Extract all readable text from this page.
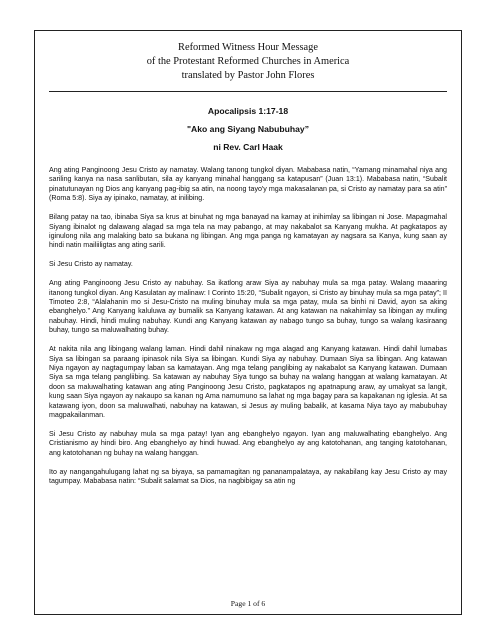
Reformed Witness Hour Message
of the Protestant Reformed Churches in America
translated by Pastor John Flores
Apocalipsis 1:17-18
"Ako ang Siyang Nabubuhay”
ni Rev. Carl Haak

Ang ating Panginoong Jesu Cristo ay namatay. Walang tanong tungkol diyan. Mababasa natin, “Yamang minamahal niya ang sariling kanya na nasa sanlibutan, sila ay kanyang minahal hanggang sa katapusan” (Juan 13:1). Mababasa natin, “Subalit pinatutunayan ng Dios ang kanyang pag-ibig sa atin, na noong tayo'y mga makasalanan pa, si Cristo ay namatay para sa atin” (Roma 5:8). Siya ay ipinako, namatay, at inilibing.

Bilang patay na tao, ibinaba Siya sa krus at binuhat ng mga banayad na kamay at inihimlay sa libingan ni Jose. Mapagmahal Siyang ibinalot ng dalawang alagad sa mga tela na may pabango, at may nakabalot sa Kanyang mukha. At pagkatapos ay iginulong nila ang malaking bato sa bukana ng libingan. Ang mga panga ng kamatayan ay nagsara sa Kanya, kung saan ay hindi natin mailiiligtas ang ating sarili.

Si Jesu Cristo ay namatay.

Ang ating Panginoong Jesu Cristo ay nabuhay. Sa ikatlong araw Siya ay nabuhay mula sa mga patay. Walang maaaring itanong tungkol diyan. Ang Kasulatan ay malinaw: I Corinto 15:20, “Subalit ngayon, si Cristo ay binuhay mula sa mga patay”; II Timoteo 2:8, “Alalahanin mo si Jesu-Cristo na muling binuhay mula sa mga patay, mula sa binhi ni David, ayon sa aking ebanghelyo.” Ang Kanyang kaluluwa ay bumalik sa Kanyang katawan. At ang katawan na nakahimlay sa libingan ay muling nabuhay. Hindi, hindi muling nabuhay. Kundi ang Kanyang katawan ay nabago tungo sa buhay, tungo sa walang kasiraang buhay, tungo sa maluwalhating buhay.

At nakita nila ang libingang walang laman. Hindi dahil ninakaw ng mga alagad ang Kanyang katawan. Hindi dahil lumabas Siya sa libingan sa paraang ipinasok nila Siya sa libingan. Kundi Siya ay nabuhay. Dumaan Siya sa libingan. Ang katawan Niya ngayon ay nagtagumpay laban sa kamatayan. Ang mga telang panglibing ay nakabalot sa Kanyang katawan. Dumaan Siya sa mga telang pangliibing. Sa katawan ay nabuhay Siya tungo sa buhay na walang hanggan at walang kamatayan. At doon sa maluwalhating katawan ang ating Panginoong Jesu Cristo, pagkatapos ng apatnapung araw, ay umakyat sa langit, kung saan Siya ngayon ay nakaupo sa kanan ng Ama namumuno sa lahat ng mga bagay para sa kapakanan ng iglesia. At sa katawang iyon, doon sa maluwalhati, nabuhay na katawan, si Jesus ay muling babalik, at kasama Niya tayo ay mabubuhay magpakailanman.

Si Jesu Cristo ay nabuhay mula sa mga patay! Iyan ang ebanghelyo ngayon. Iyan ang maluwalhating ebanghelyo. Ang Cristianismo ay hindi biro. Ang ebanghelyo ay hindi huwad. Ang ebanghelyo ay ang katotohanan, ang tanging katotohanan, ang katotohanan ng buhay na walang hanggan.

Ito ay nangangahulugang lahat ng sa biyaya, sa pamamagitan ng pananampalataya, ay nakabilang kay Jesu Cristo ay may tagumpay. Mababasa natin: “Subalit salamat sa Dios, na nagbibigay sa atin ng

Page 1 of 6
